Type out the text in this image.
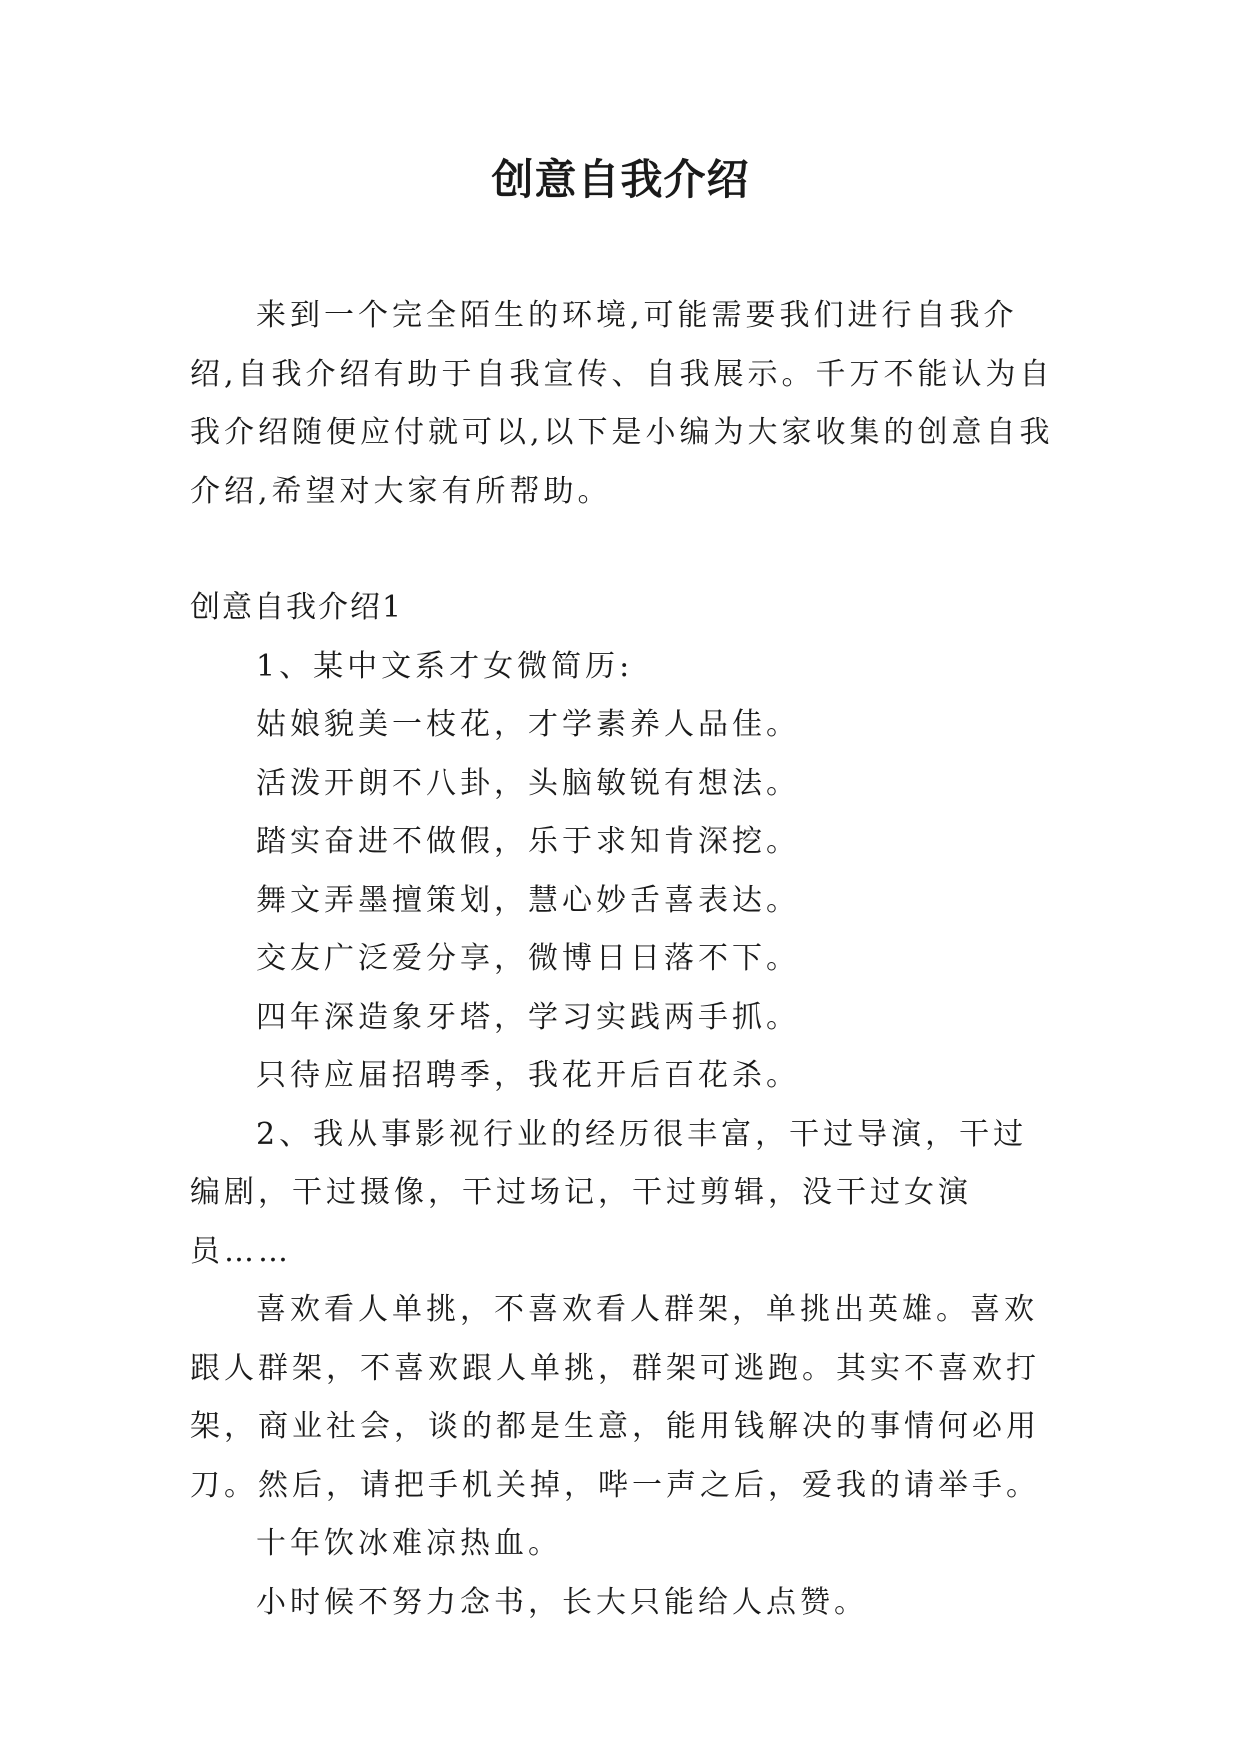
创意自我介绍

来到一个完全陌生的环境,可能需要我们进行自我介绍,自我介绍有助于自我宣传、自我展示。千万不能认为自我介绍随便应付就可以,以下是小编为大家收集的创意自我介绍,希望对大家有所帮助。

创意自我介绍1

1、某中文系才女微简历:

姑娘貌美一枝花，才学素养人品佳。

活泼开朗不八卦，头脑敏锐有想法。

踏实奋进不做假，乐于求知肯深挖。

舞文弄墨擅策划，慧心妙舌喜表达。

交友广泛爱分享，微博日日落不下。

四年深造象牙塔，学习实践两手抓。

只待应届招聘季，我花开后百花杀。

2、我从事影视行业的经历很丰富，干过导演，干过编剧，干过摄像，干过场记，干过剪辑，没干过女演员……

喜欢看人单挑，不喜欢看人群架，单挑出英雄。喜欢跟人群架，不喜欢跟人单挑，群架可逃跑。其实不喜欢打架，商业社会，谈的都是生意，能用钱解决的事情何必用刀。然后，请把手机关掉，哔一声之后，爱我的请举手。

十年饮冰难凉热血。

小时候不努力念书，长大只能给人点赞。
